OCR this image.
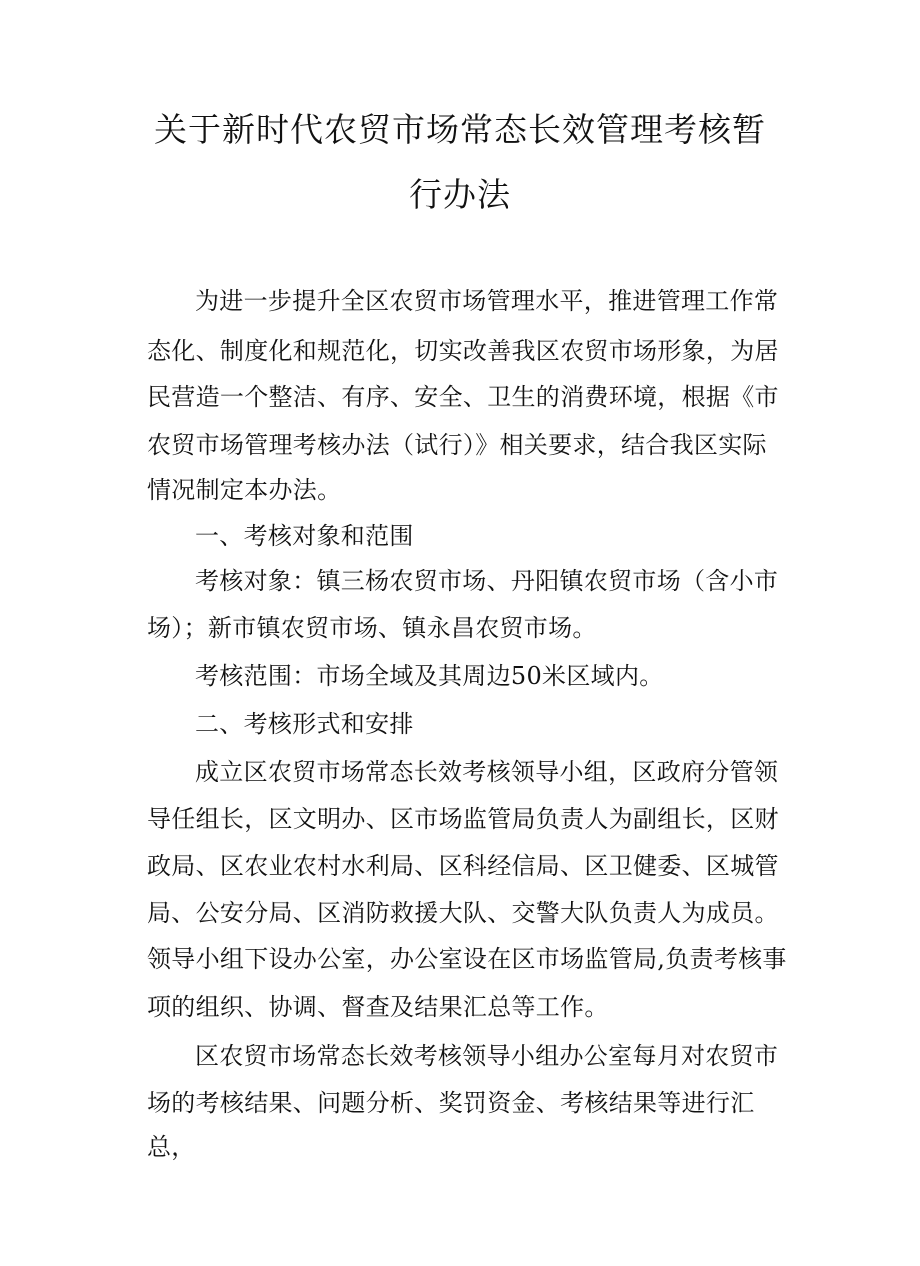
关于新时代农贸市场常态长效管理考核暂
行办法
为进一步提升全区农贸市场管理水平，推进管理工作常
态化、制度化和规范化，切实改善我区农贸市场形象，为居
民营造一个整洁、有序、安全、卫生的消费环境，根据《市
农贸市场管理考核办法（试行）》相关要求，结合我区实际
情况制定本办法。
一、考核对象和范围
考核对象：镇三杨农贸市场、丹阳镇农贸市场（含小市
场）；新市镇农贸市场、镇永昌农贸市场。
考核范围：市场全域及其周边50米区域内。
二、考核形式和安排
成立区农贸市场常态长效考核领导小组，区政府分管领
导任组长，区文明办、区市场监管局负责人为副组长，区财
政局、区农业农村水利局、区科经信局、区卫健委、区城管
局、公安分局、区消防救援大队、交警大队负责人为成员。
领导小组下设办公室，办公室设在区市场监管局,负责考核事
项的组织、协调、督查及结果汇总等工作。
区农贸市场常态长效考核领导小组办公室每月对农贸市
场的考核结果、问题分析、奖罚资金、考核结果等进行汇
总，
